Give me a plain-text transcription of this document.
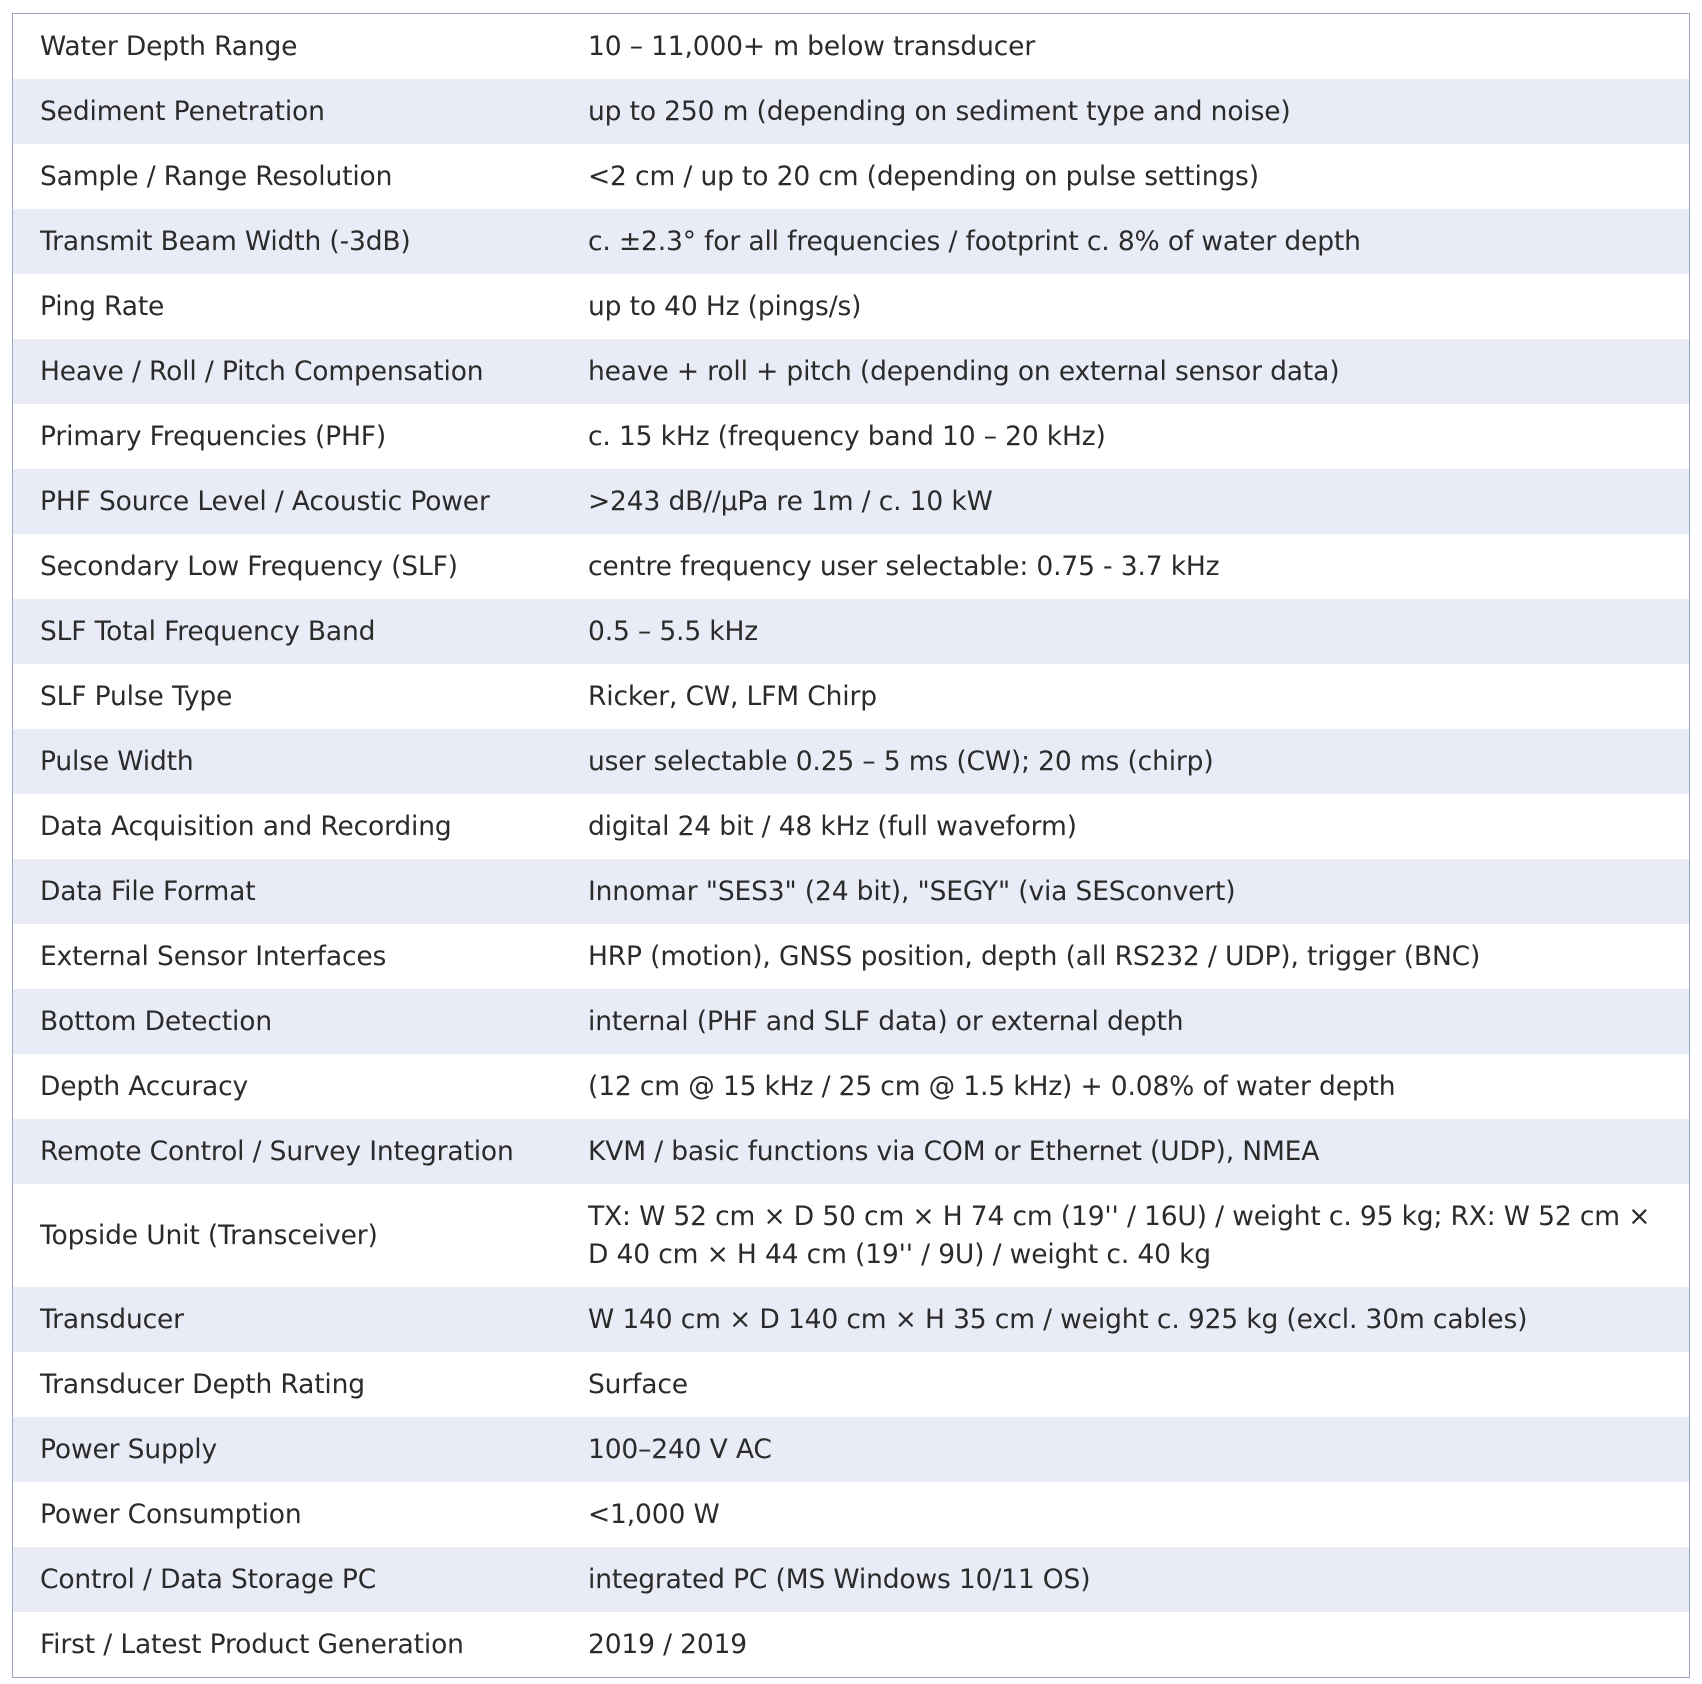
Water Depth Range	10 – 11,000+ m below transducer
Sediment Penetration	up to 250 m (depending on sediment type and noise)
Sample / Range Resolution	<2 cm / up to 20 cm (depending on pulse settings)
Transmit Beam Width (-3dB)	c. ±2.3° for all frequencies / footprint c. 8% of water depth
Ping Rate	up to 40 Hz (pings/s)
Heave / Roll / Pitch Compensation	heave + roll + pitch (depending on external sensor data)
Primary Frequencies (PHF)	c. 15 kHz (frequency band 10 – 20 kHz)
PHF Source Level / Acoustic Power	>243 dB//µPa re 1m / c. 10 kW
Secondary Low Frequency (SLF)	centre frequency user selectable: 0.75 - 3.7 kHz
SLF Total Frequency Band	0.5 – 5.5 kHz
SLF Pulse Type	Ricker, CW, LFM Chirp
Pulse Width	user selectable 0.25 – 5 ms (CW); 20 ms (chirp)
Data Acquisition and Recording	digital 24 bit / 48 kHz (full waveform)
Data File Format	Innomar "SES3" (24 bit), "SEGY" (via SESconvert)
External Sensor Interfaces	HRP (motion), GNSS position, depth (all RS232 / UDP), trigger (BNC)
Bottom Detection	internal (PHF and SLF data) or external depth
Depth Accuracy	(12 cm @ 15 kHz / 25 cm @ 1.5 kHz) + 0.08% of water depth
Remote Control / Survey Integration	KVM / basic functions via COM or Ethernet (UDP), NMEA
Topside Unit (Transceiver)	TX: W 52 cm × D 50 cm × H 74 cm (19'' / 16U) / weight c. 95 kg; RX: W 52 cm × D 40 cm × H 44 cm (19'' / 9U) / weight c. 40 kg
Transducer	W 140 cm × D 140 cm × H 35 cm / weight c. 925 kg (excl. 30m cables)
Transducer Depth Rating	Surface
Power Supply	100–240 V AC
Power Consumption	<1,000 W
Control / Data Storage PC	integrated PC (MS Windows 10/11 OS)
First / Latest Product Generation	2019 / 2019
